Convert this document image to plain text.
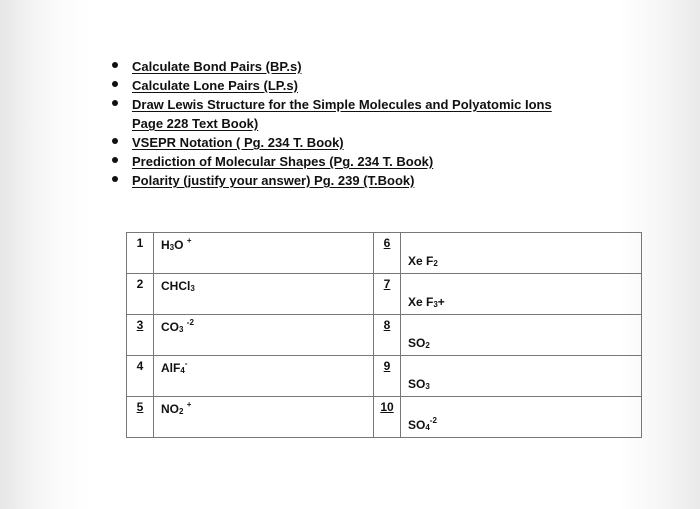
Calculate Bond Pairs (BP.s)
Calculate Lone Pairs (LP.s)
Draw Lewis Structure for the Simple Molecules and Polyatomic Ions
Page 228 Text Book)
VSEPR Notation ( Pg. 234 T. Book)
Prediction of Molecular Shapes (Pg. 234 T. Book)
Polarity (justify your answer) Pg. 239 (T.Book)
1	$H_3O$ +	6	Xe $F_2$

2	CHCl$_3$	7	Xe $F_3+$

3	$CO_3$ $^{-2}$	8	$SO_2$

4	AlF$_4$-	9	$SO_3$

5	$NO_2$ +	10	$SO_4^{-2}$
